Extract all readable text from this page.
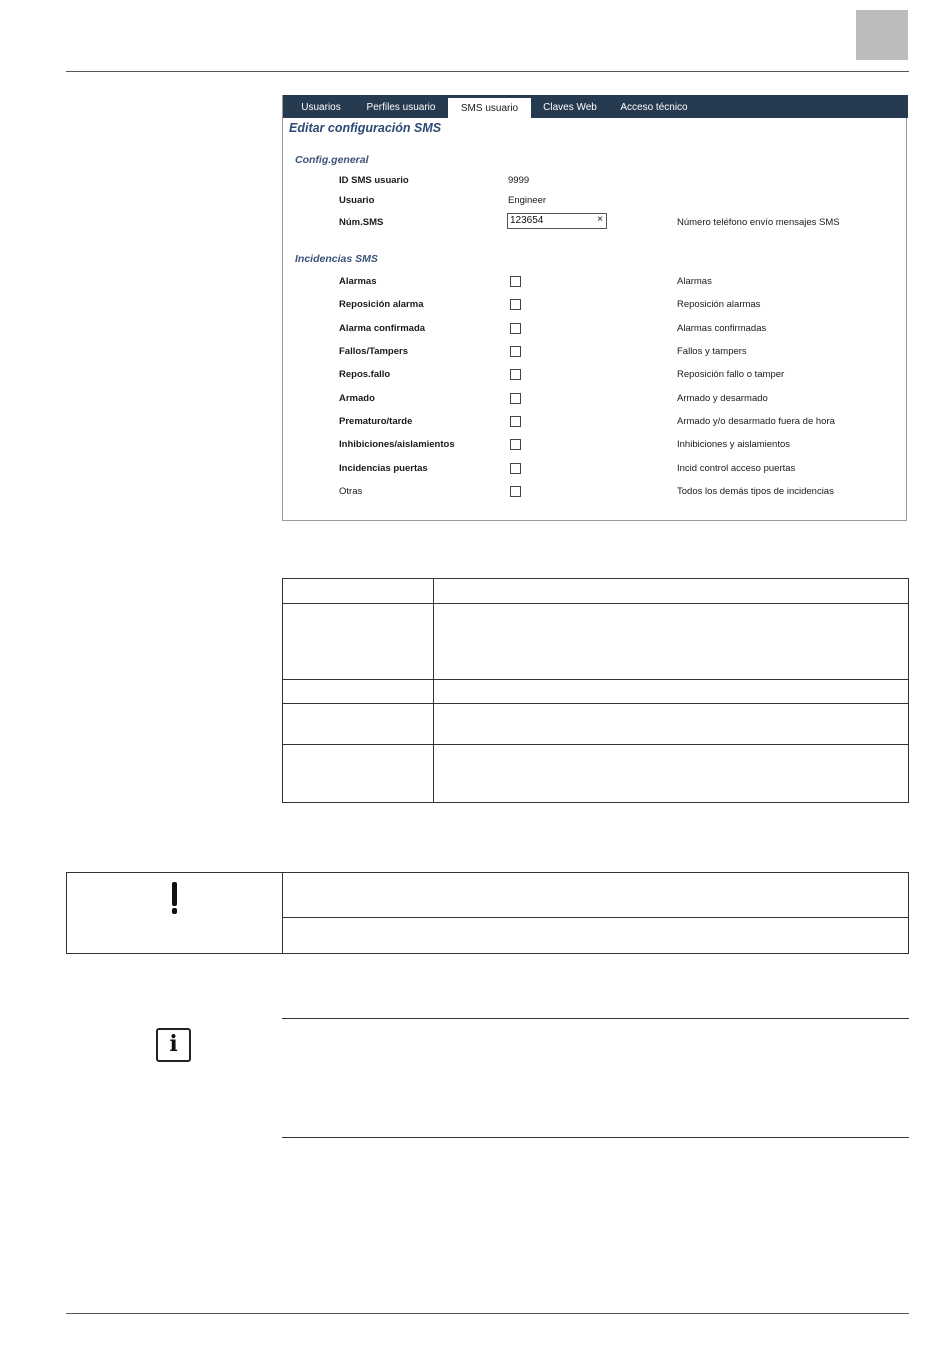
Usuarios	Perfiles usuario	SMS usuario	Claves Web	Acceso técnico
Editar configuración SMS
Config.general
ID SMS usuario	9999
Usuario	Engineer
Núm.SMS	123654	×	Número teléfono envío mensajes SMS
Incidencias SMS
Alarmas	Alarmas
Reposición alarma	Reposición alarmas
Alarma confirmada	Alarmas confirmadas
Fallos/Tampers	Fallos y tampers
Repos.fallo	Reposición fallo o tamper
Armado	Armado y desarmado
Prematuro/tarde	Armado y/o desarmado fuera de hora
Inhibiciones/aislamientos	Inhibiciones y aislamientos
Incidencias puertas	Incid control acceso puertas
Otras	Todos los demás tipos de incidencias
i
